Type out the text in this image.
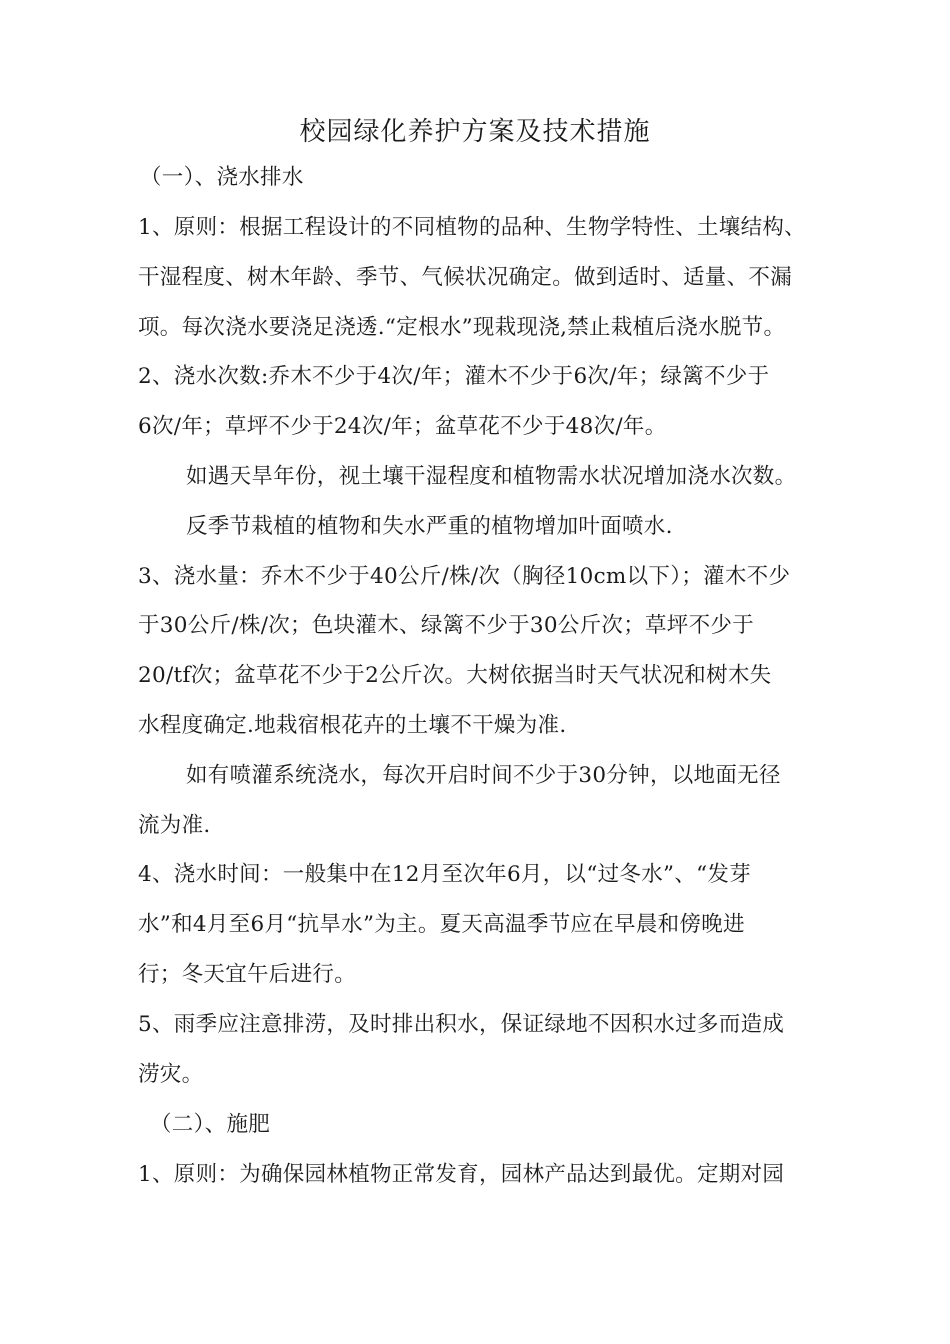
校园绿化养护方案及技术措施
（一）、浇水排水
1、原则：根据工程设计的不同植物的品种、生物学特性、土壤结构、
干湿程度、树木年龄、季节、气候状况确定。做到适时、适量、不漏
项。每次浇水要浇足浇透.“定根水”现栽现浇,禁止栽植后浇水脱节。
2、浇水次数:乔木不少于4次/年；灌木不少于6次/年；绿篱不少于
6次/年；草坪不少于24次/年；盆草花不少于48次/年。
如遇天旱年份，视土壤干湿程度和植物需水状况增加浇水次数。
反季节栽植的植物和失水严重的植物增加叶面喷水.
3、浇水量：乔木不少于40公斤/株/次（胸径10cm以下）；灌木不少
于30公斤/株/次；色块灌木、绿篱不少于30公斤次；草坪不少于
20/tf次；盆草花不少于2公斤次。大树依据当时天气状况和树木失
水程度确定.地栽宿根花卉的土壤不干燥为准.
如有喷灌系统浇水，每次开启时间不少于30分钟，以地面无径
流为准.
4、浇水时间：一般集中在12月至次年6月，以“过冬水”、“发芽
水”和4月至6月“抗旱水”为主。夏天高温季节应在早晨和傍晚进
行；冬天宜午后进行。
5、雨季应注意排涝，及时排出积水，保证绿地不因积水过多而造成
涝灾。
（二）、施肥
1、原则：为确保园林植物正常发育，园林产品达到最优。定期对园
